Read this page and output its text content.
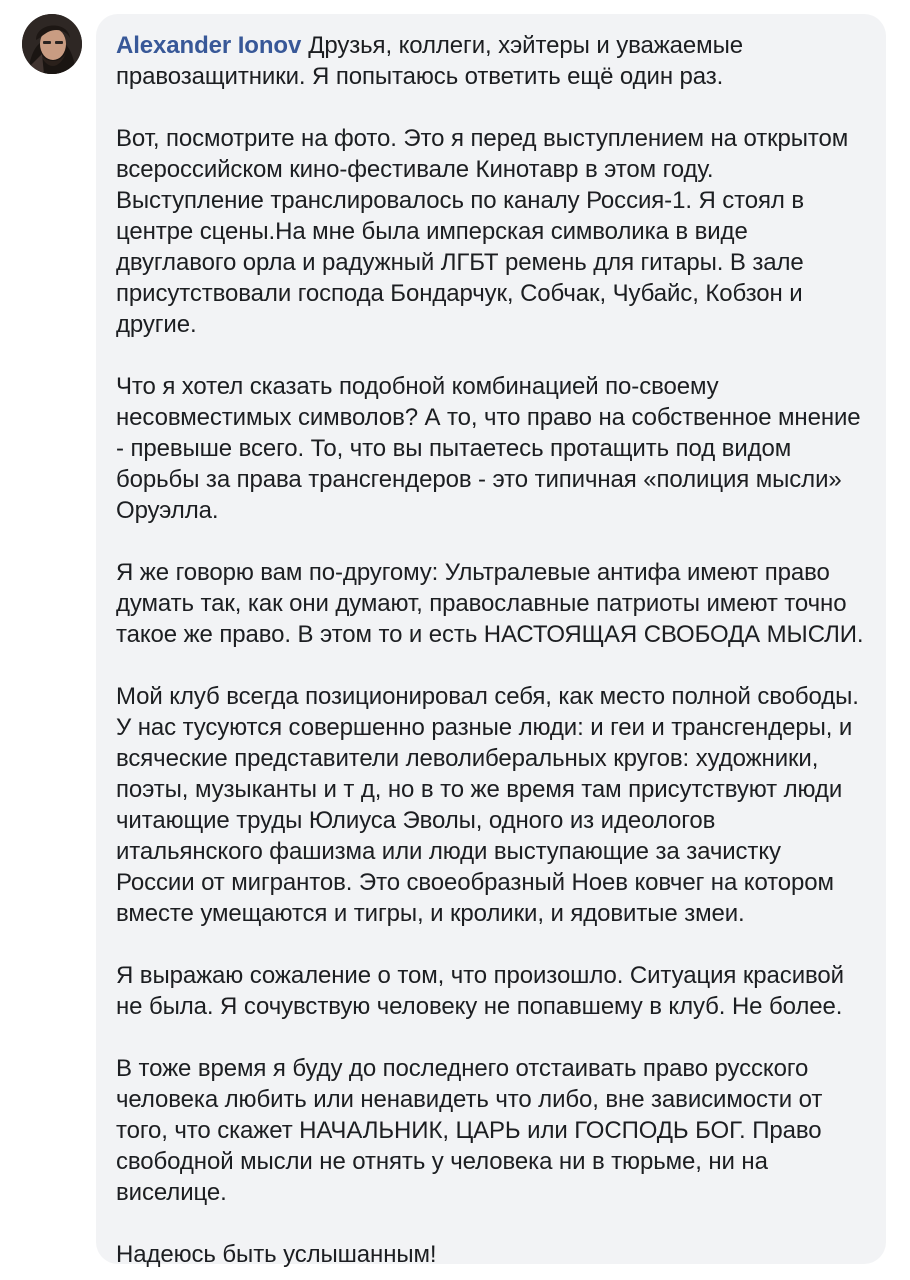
Alexander Ionov Друзья, коллеги, хэйтеры и уважаемые правозащитники. Я попытаюсь ответить ещё один раз.

Вот, посмотрите на фото. Это я перед выступлением на открытом всероссийском кино-фестивале Кинотавр в этом году. Выступление транслировалось по каналу Россия-1. Я стоял в центре сцены.На мне была имперская символика в виде двуглавого орла и радужный ЛГБТ ремень для гитары. В зале присутствовали господа Бондарчук, Собчак, Чубайс, Кобзон и другие.

Что я хотел сказать подобной комбинацией по-своему несовместимых символов? А то, что право на собственное мнение - превыше всего. То, что вы пытаетесь протащить под видом борьбы за права трансгендеров - это типичная «полиция мысли» Оруэлла.

Я же говорю вам по-другому: Ультралевые антифа имеют право думать так, как они думают, православные патриоты имеют точно такое же право. В этом то и есть НАСТОЯЩАЯ СВОБОДА МЫСЛИ.

Мой клуб всегда позиционировал себя, как место полной свободы. У нас тусуются совершенно разные люди: и геи и трансгендеры, и всяческие представители леволиберальных кругов: художники, поэты, музыканты и т д, но в то же время там присутствуют люди читающие труды Юлиуса Эволы, одного из идеологов итальянского фашизма или люди выступающие за зачистку России от мигрантов. Это своеобразный Ноев ковчег на котором вместе умещаются и тигры, и кролики, и ядовитые змеи.

Я выражаю сожаление о том, что произошло. Ситуация красивой не была. Я сочувствую человеку не попавшему в клуб. Не более.

В тоже время я буду до последнего отстаивать право русского человека любить или ненавидеть что либо, вне зависимости от того, что скажет НАЧАЛЬНИК, ЦАРЬ или ГОСПОДЬ БОГ. Право свободной мысли не отнять у человека ни в тюрьме, ни на виселице.

Надеюсь быть услышанным!
